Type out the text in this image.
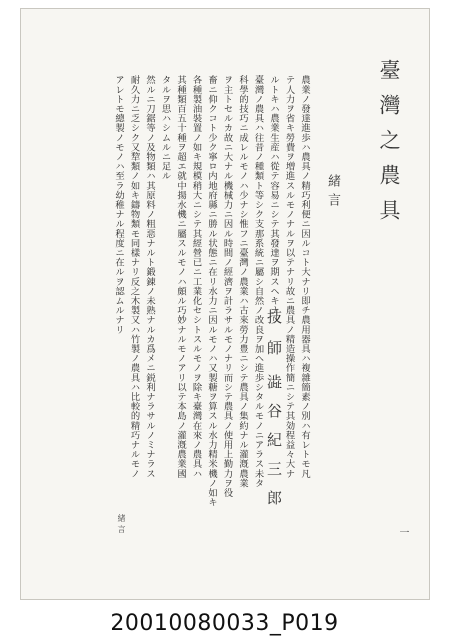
臺灣之農具
技師
澁谷紀三郎
緒言
農業ノ發達進歩ハ農具ノ精巧利便ニ因ルコト大ナリ即チ農用器具ハ複雜簡素ノ別ハ有レトモ凡
テ人力ヲ省キ勞費ヲ増進スルモノナルヲ以テナリ故ニ農具ノ精造操作簡ニシテ其効程益々大ナ
ルトキハ農業生産ハ從テ容易ニシテ其發達ヲ期スヘキナリ
臺灣ノ農具ハ往昔ノ種類ト等シク支那系統ニ屬シ自然ノ改良ヲ加ヘ進歩シタルモノニアラス未タ
科學的技巧ニ成レルモノハ少ナシ惟フニ臺灣ノ農業ハ古來勞力豊ニシテ農具ノ集約ナル灌漑農業
ヲ主トセルカ故ニ大ナル機械力ニ因ル時間ノ經濟ヲ計ラサルモノナリ而シテ農具ノ使用上勤力ヲ役
畜ニ仰クコト少ク寧ロ内地府縣ニ勝ル状態ニ在リ水力ニ因ルモノハ又製糖ヲ算スル水力精米機ノ如キ
各種製油裝置ノ如キ規模稍大ニシテ其經營已ニ工業化セシトスルモノヲ除キ臺灣在來ノ農具ハ
其種類百五十種ヲ超エ就中揚水機ニ屬スルモノハ頗ル巧妙ナルモノアリ以テ本島ノ灌漑農業國
タルヲ思ハシムルニ足ル
然ルニ刀鋸等ノ及物類ハ其原料ノ粗惡ナルト鍛錬ノ未熟ナルカ爲メニ鋭利ナラサルノミナラス
耐久力ニ乏シク又犂類ノ如キ鑄物類モ同樣ナリ反之木製又ハ竹製ノ農具ハ比較的精巧ナルモノ
アレトモ總製ノモノハ至ラ幼稚ナル程度ニ在ルヲ認ムルナリ
緒言	一
20010080033_P019
